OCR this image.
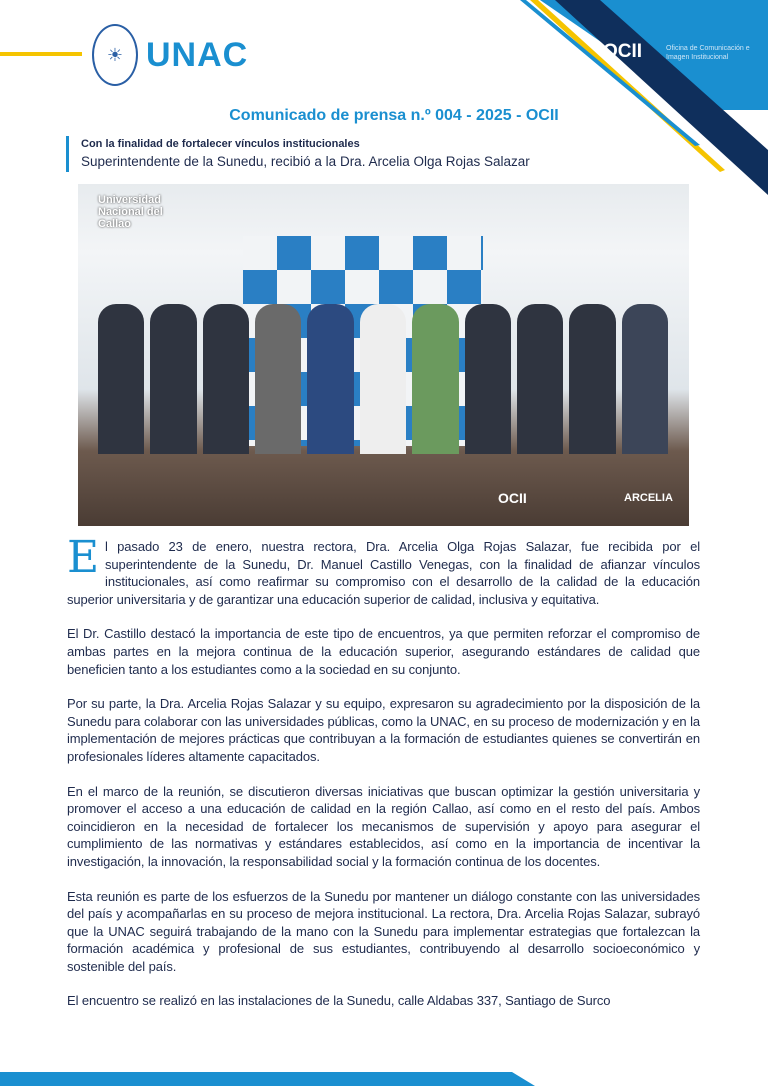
☀ UNAC	OCII	Oficina de Comunicación e Imagen Institucional
Comunicado de prensa n.º 004 - 2025 - OCII
Con la finalidad de fortalecer vínculos institucionales
Superintendente de la Sunedu, recibió a la Dra. Arcelia Olga Rojas Salazar
Universidad Nacional del Callao
OCII	ARCELIA

El pasado 23 de enero, nuestra rectora, Dra. Arcelia Olga Rojas Salazar, fue recibida por el superintendente de la Sunedu, Dr. Manuel Castillo Venegas, con la finalidad de afianzar vínculos institucionales, así como reafirmar su compromiso con el desarrollo de la calidad de la educación superior universitaria y de garantizar una educación superior de calidad, inclusiva y equitativa.

El Dr. Castillo destacó la importancia de este tipo de encuentros, ya que permiten reforzar el compromiso de ambas partes en la mejora continua de la educación superior, asegurando estándares de calidad que beneficien tanto a los estudiantes como a la sociedad en su conjunto.

Por su parte, la Dra. Arcelia Rojas Salazar y su equipo, expresaron su agradecimiento por la disposición de la Sunedu para colaborar con las universidades públicas, como la UNAC, en su proceso de modernización y en la implementación de mejores prácticas que contribuyan a la formación de estudiantes quienes se convertirán en profesionales líderes altamente capacitados.

En el marco de la reunión, se discutieron diversas iniciativas que buscan optimizar la gestión universitaria y promover el acceso a una educación de calidad en la región Callao, así como en el resto del país. Ambos coincidieron en la necesidad de fortalecer los mecanismos de supervisión y apoyo para asegurar el cumplimiento de las normativas y estándares establecidos, así como en la importancia de incentivar la investigación, la innovación, la responsabilidad social y la formación continua de los docentes.

Esta reunión es parte de los esfuerzos de la Sunedu por mantener un diálogo constante con las universidades del país y acompañarlas en su proceso de mejora institucional. La rectora, Dra. Arcelia Rojas Salazar, subrayó que la UNAC seguirá trabajando de la mano con la Sunedu para implementar estrategias que fortalezcan la formación académica y profesional de sus estudiantes, contribuyendo al desarrollo socioeconómico y sostenible del país.

El encuentro se realizó en las instalaciones de la Sunedu, calle Aldabas 337, Santiago de Surco
